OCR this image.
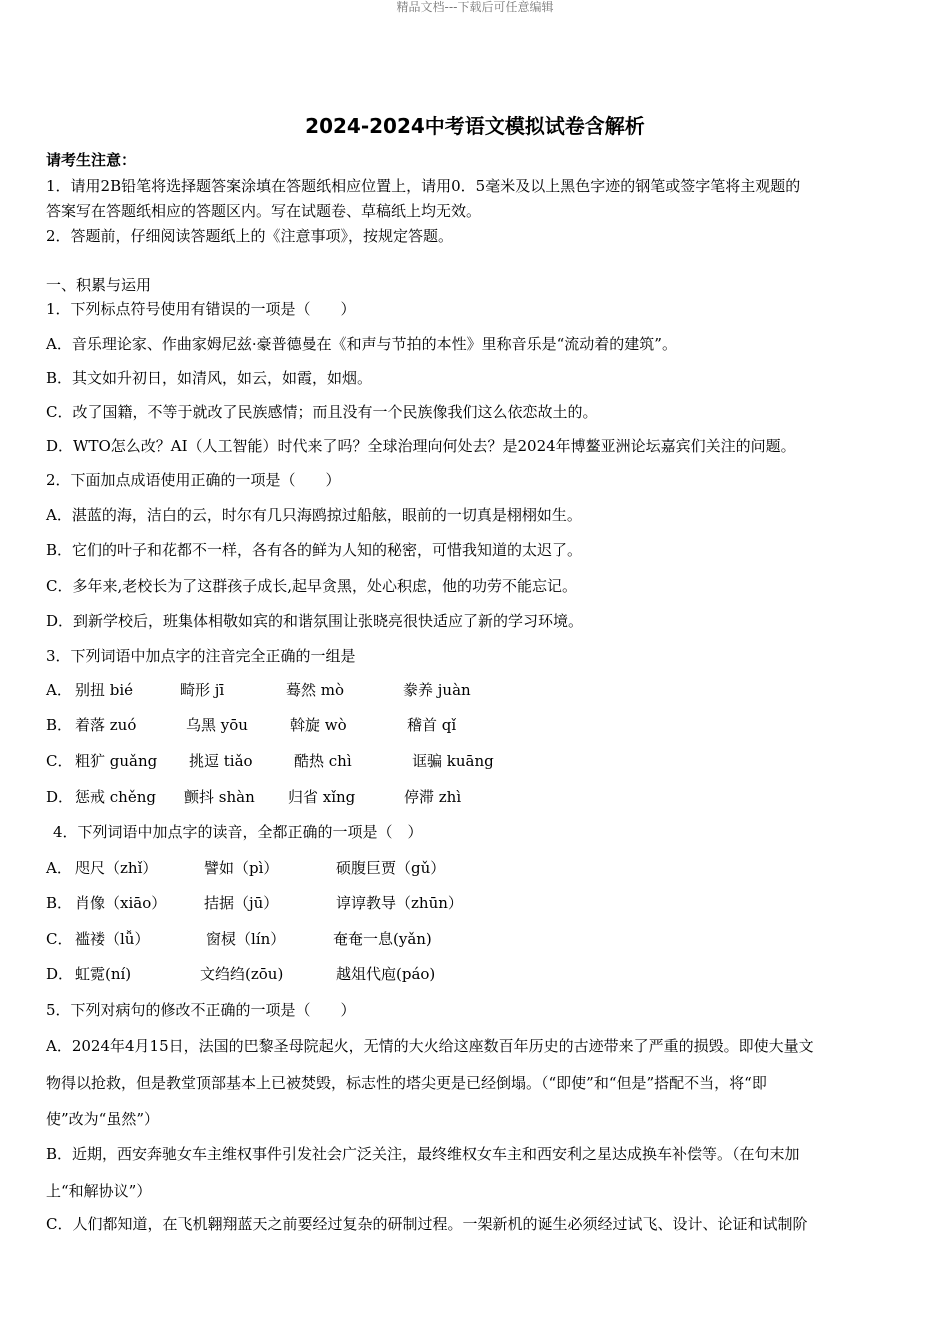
精品文档---下载后可任意编辑
2024-2024中考语文模拟试卷含解析
请考生注意：
1．请用2B铅笔将选择题答案涂填在答题纸相应位置上，请用0．5毫米及以上黑色字迹的钢笔或签字笔将主观题的
答案写在答题纸相应的答题区内。写在试题卷、草稿纸上均无效。
2．答题前，仔细阅读答题纸上的《注意事项》，按规定答题。
一、积累与运用
1．下列标点符号使用有错误的一项是（　　）
A．音乐理论家、作曲家姆尼兹·豪普德曼在《和声与节拍的本性》里称音乐是“流动着的建筑”。
B．其文如升初日，如清风，如云，如霞，如烟。
C．改了国籍，不等于就改了民族感情；而且没有一个民族像我们这么依恋故土的。
D．WTO怎么改？AI（人工智能）时代来了吗？全球治理向何处去？是2024年博鳌亚洲论坛嘉宾们关注的问题。
2．下面加点成语使用正确的一项是（　　）
A．湛蓝的海，洁白的云，时尔有几只海鸥掠过船舷，眼前的一切真是栩栩如生。
B．它们的叶子和花都不一样，各有各的鲜为人知的秘密，可惜我知道的太迟了。
C．多年来,老校长为了这群孩子成长,起早贪黑，处心积虑，他的功劳不能忘记。
D．到新学校后，班集体相敬如宾的和谐氛围让张晓亮很快适应了新的学习环境。
3．下列词语中加点字的注音完全正确的一组是
A． 别扭 bié	畸形 jī	蓦然 mò	豢养 juàn
B． 着落 zuó	乌黑 yōu	斡旋 wò	稽首 qǐ
C． 粗犷 guǎng 挑逗 tiǎo	酷热 chì	诓骗 kuāng
D． 惩戒 chěng 颤抖 shàn 归省 xǐng	停滞 zhì
4．下列词语中加点字的读音，全都正确的一项是（　）
A． 咫尺（zhǐ）	譬如（pì）	硕腹巨贾（gǔ）
B． 肖像（xiāo）	拮据（jū）	谆谆教导（zhūn）
C． 褴褛（lǚ）	窗棂（lín）	奄奄一息(yǎn)
D． 虹霓(ní)	文绉绉(zōu)	越俎代庖(páo)
5．下列对病句的修改不正确的一项是（　　）
A．2024年4月15日，法国的巴黎圣母院起火，无情的大火给这座数百年历史的古迹带来了严重的损毁。即使大量文
物得以抢救，但是教堂顶部基本上已被焚毁，标志性的塔尖更是已经倒塌。（“即使”和“但是”搭配不当，将“即
使”改为“虽然”）
B．近期，西安奔驰女车主维权事件引发社会广泛关注，最终维权女车主和西安利之星达成换车补偿等。（在句末加
上“和解协议”）
C．人们都知道，在飞机翱翔蓝天之前要经过复杂的研制过程。一架新机的诞生必须经过试飞、设计、论证和试制阶
